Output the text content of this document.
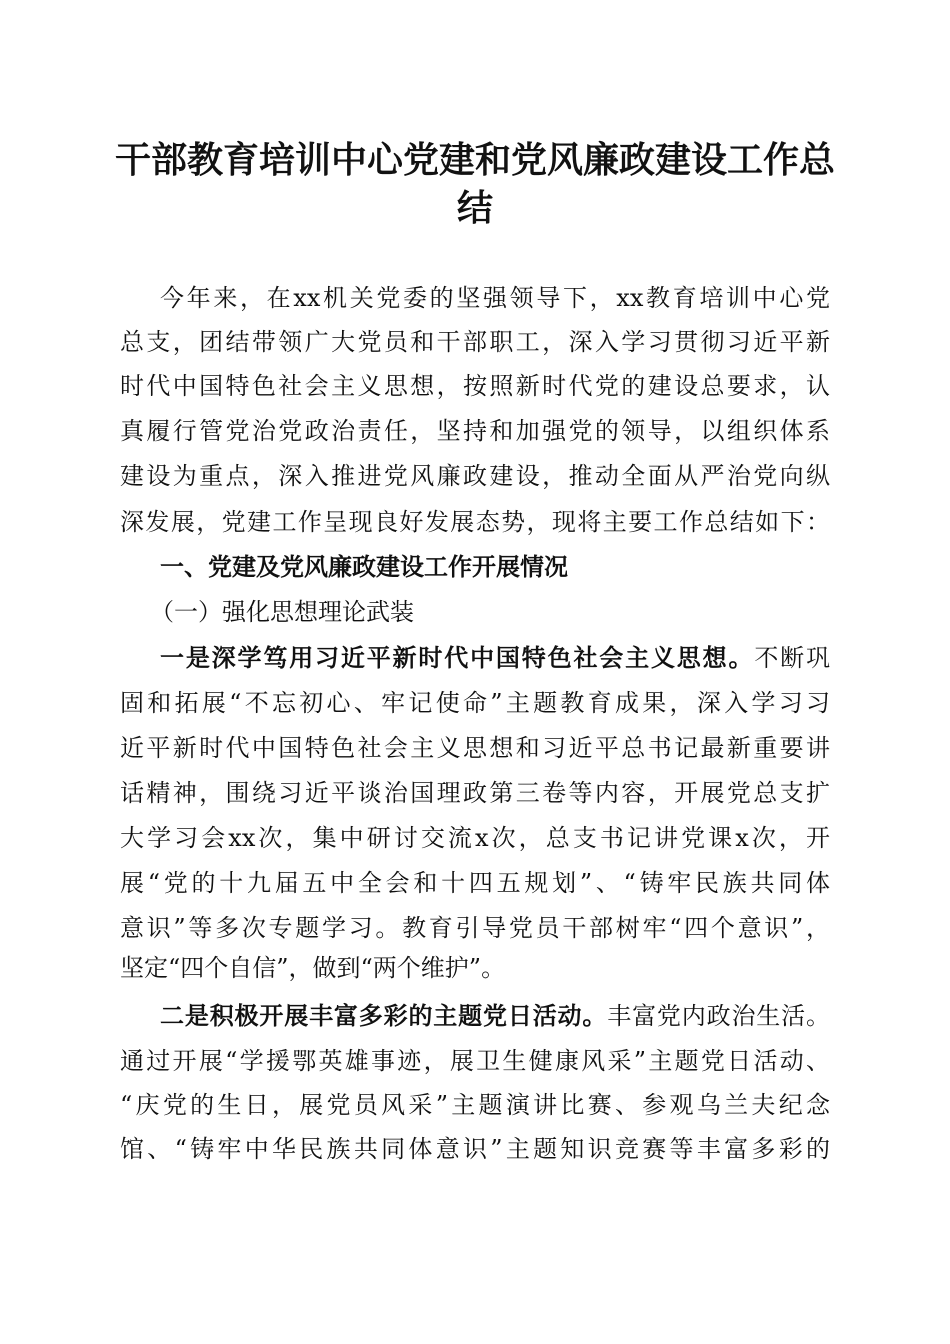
干部教育培训中心党建和党风廉政建设工作总
结
今年来，在xx机关党委的坚强领导下，xx教育培训中心党
总支，团结带领广大党员和干部职工，深入学习贯彻习近平新
时代中国特色社会主义思想，按照新时代党的建设总要求，认
真履行管党治党政治责任，坚持和加强党的领导，以组织体系
建设为重点，深入推进党风廉政建设，推动全面从严治党向纵
深发展，党建工作呈现良好发展态势，现将主要工作总结如下：
一、党建及党风廉政建设工作开展情况
（一）强化思想理论武装
一是深学笃用习近平新时代中国特色社会主义思想。不断巩
固和拓展“不忘初心、牢记使命”主题教育成果，深入学习习
近平新时代中国特色社会主义思想和习近平总书记最新重要讲
话精神，围绕习近平谈治国理政第三卷等内容，开展党总支扩
大学习会xx次，集中研讨交流x次，总支书记讲党课x次，开
展“党的十九届五中全会和十四五规划”、“铸牢民族共同体
意识”等多次专题学习。教育引导党员干部树牢“四个意识”，
坚定“四个自信”，做到“两个维护”。
二是积极开展丰富多彩的主题党日活动。丰富党内政治生活。
通过开展“学援鄂英雄事迹，展卫生健康风采”主题党日活动、
“庆党的生日，展党员风采”主题演讲比赛、参观乌兰夫纪念
馆、“铸牢中华民族共同体意识”主题知识竞赛等丰富多彩的
